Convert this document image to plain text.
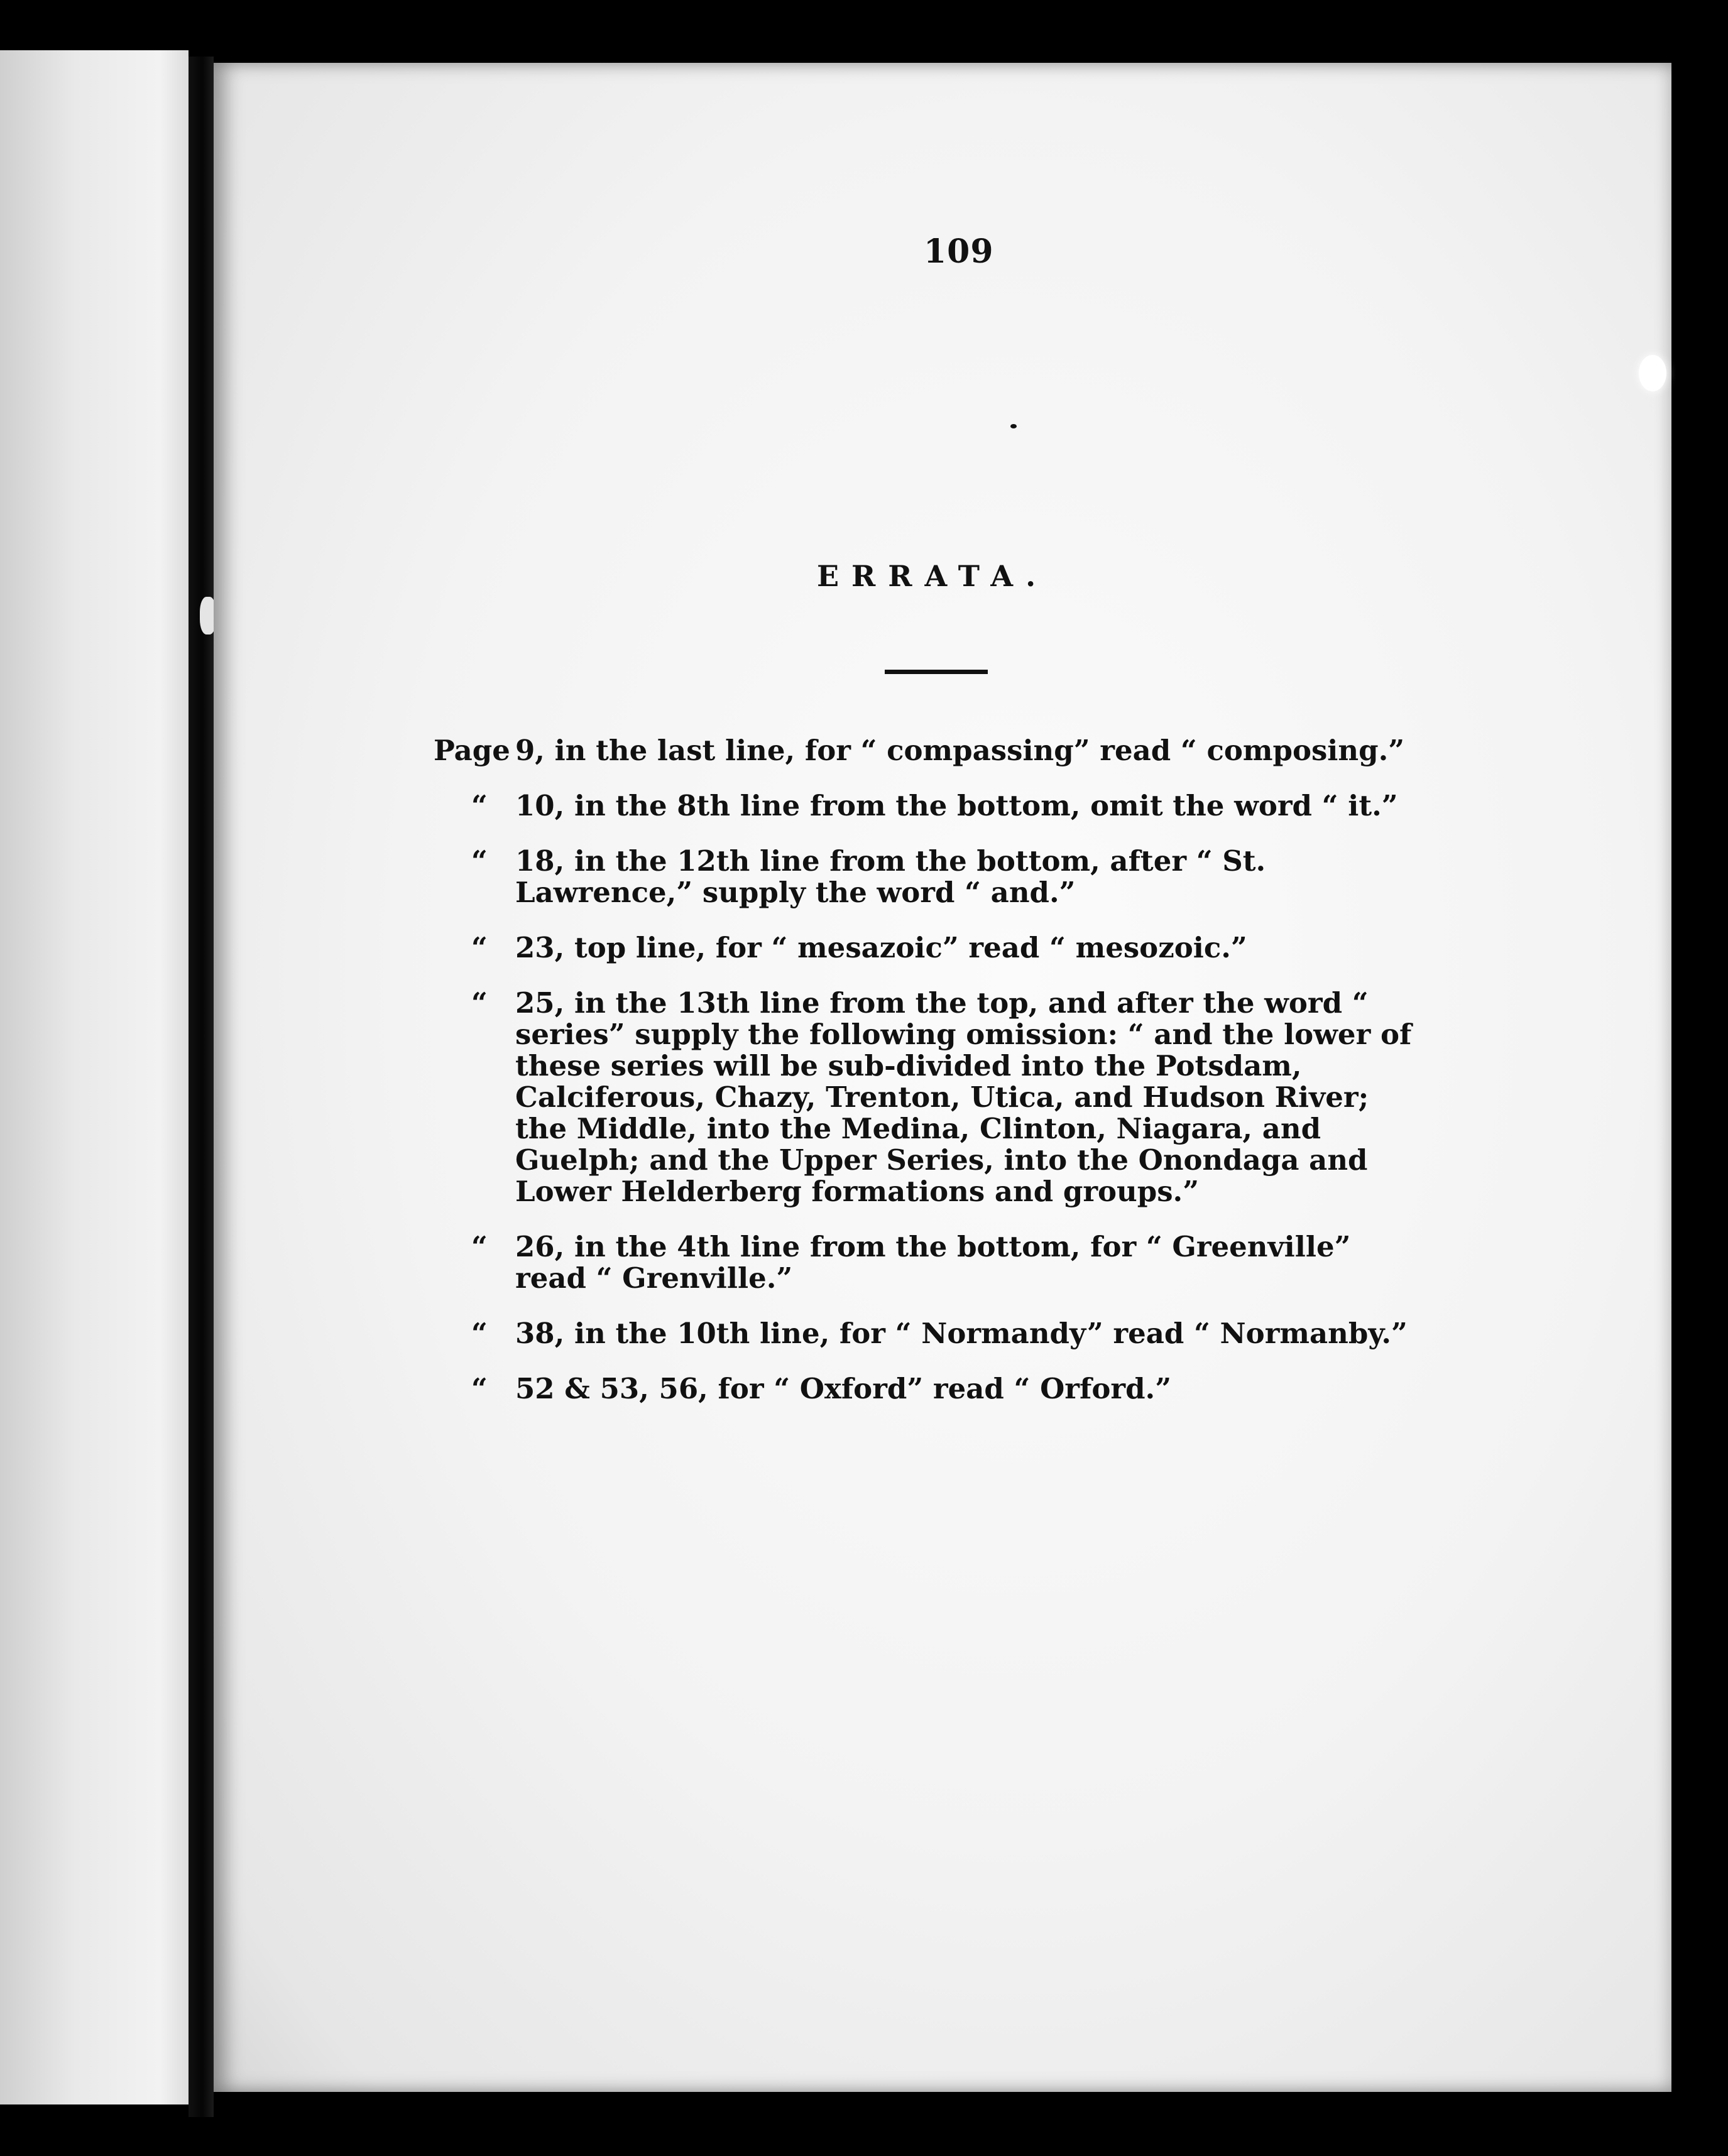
109
ERRATA.
Page 9, in the last line, for “ compassing” read “ composing.”
“ 10, in the 8th line from the bottom, omit the word “ it.”
“ 18, in the 12th line from the bottom, after “ St. Lawrence,” supply the word “ and.”
“ 23, top line, for “ mesazoic” read “ mesozoic.”
“ 25, in the 13th line from the top, and after the word “ series” supply the following omission: “ and the lower of these series will be sub-divided into the Potsdam, Calciferous, Chazy, Trenton, Utica, and Hudson River; the Middle, into the Medina, Clinton, Niagara, and Guelph; and the Upper Series, into the Onondaga and Lower Helderberg formations and groups.”
“ 26, in the 4th line from the bottom, for “ Greenville” read “ Grenville.”
“ 38, in the 10th line, for “ Normandy” read “ Normanby.”
“ 52 & 53, 56, for “ Oxford” read “ Orford.”
